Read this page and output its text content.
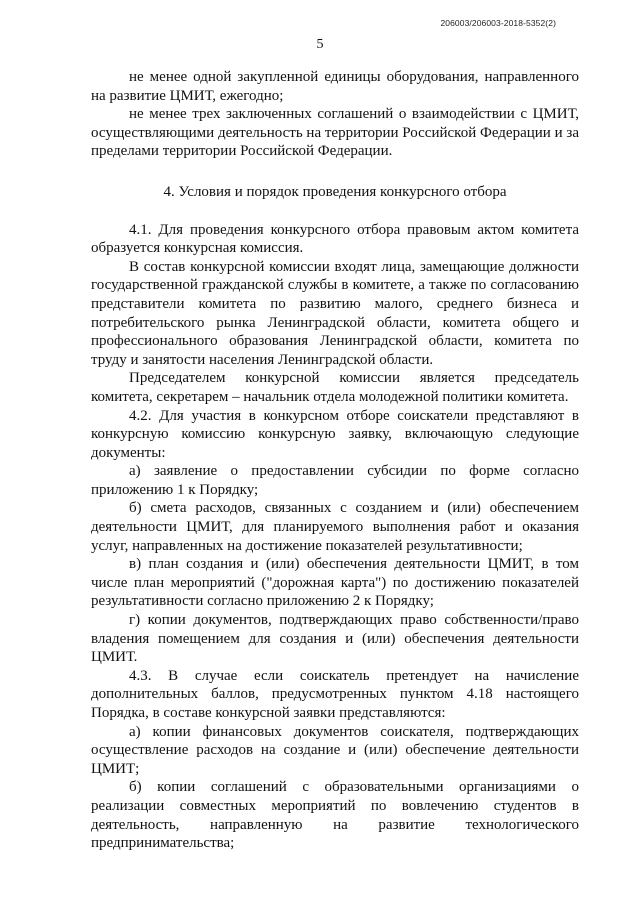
206003/206003-2018-5352(2)
5

не менее одной закупленной единицы оборудования, направленного на развитие ЦМИТ, ежегодно;

не менее трех заключенных соглашений о взаимодействии с ЦМИТ, осуществляющими деятельность на территории Российской Федерации и за пределами территории Российской Федерации.

4. Условия и порядок проведения конкурсного отбора

4.1. Для проведения конкурсного отбора правовым актом комитета образуется конкурсная комиссия.

В состав конкурсной комиссии входят лица, замещающие должности государственной гражданской службы в комитете, а также по согласованию представители комитета по развитию малого, среднего бизнеса и потребительского рынка Ленинградской области, комитета общего и профессионального образования Ленинградской области, комитета по труду и занятости населения Ленинградской области.

Председателем конкурсной комиссии является председатель комитета, секретарем – начальник отдела молодежной политики комитета.

4.2. Для участия в конкурсном отборе соискатели представляют в конкурсную комиссию конкурсную заявку, включающую следующие документы:

а) заявление о предоставлении субсидии по форме согласно приложению 1 к Порядку;

б) смета расходов, связанных с созданием и (или) обеспечением деятельности ЦМИТ, для планируемого выполнения работ и оказания услуг, направленных на достижение показателей результативности;

в) план создания и (или) обеспечения деятельности ЦМИТ, в том числе план мероприятий ("дорожная карта") по достижению показателей результативности согласно приложению 2 к Порядку;

г) копии документов, подтверждающих право собственности/право владения помещением для создания и (или) обеспечения деятельности ЦМИТ.

4.3. В случае если соискатель претендует на начисление дополнительных баллов, предусмотренных пунктом 4.18 настоящего Порядка, в составе конкурсной заявки представляются:

а) копии финансовых документов соискателя, подтверждающих осуществление расходов на создание и (или) обеспечение деятельности ЦМИТ;

б) копии соглашений с образовательными организациями о реализации совместных мероприятий по вовлечению студентов в деятельность, направленную на развитие технологического предпринимательства;
